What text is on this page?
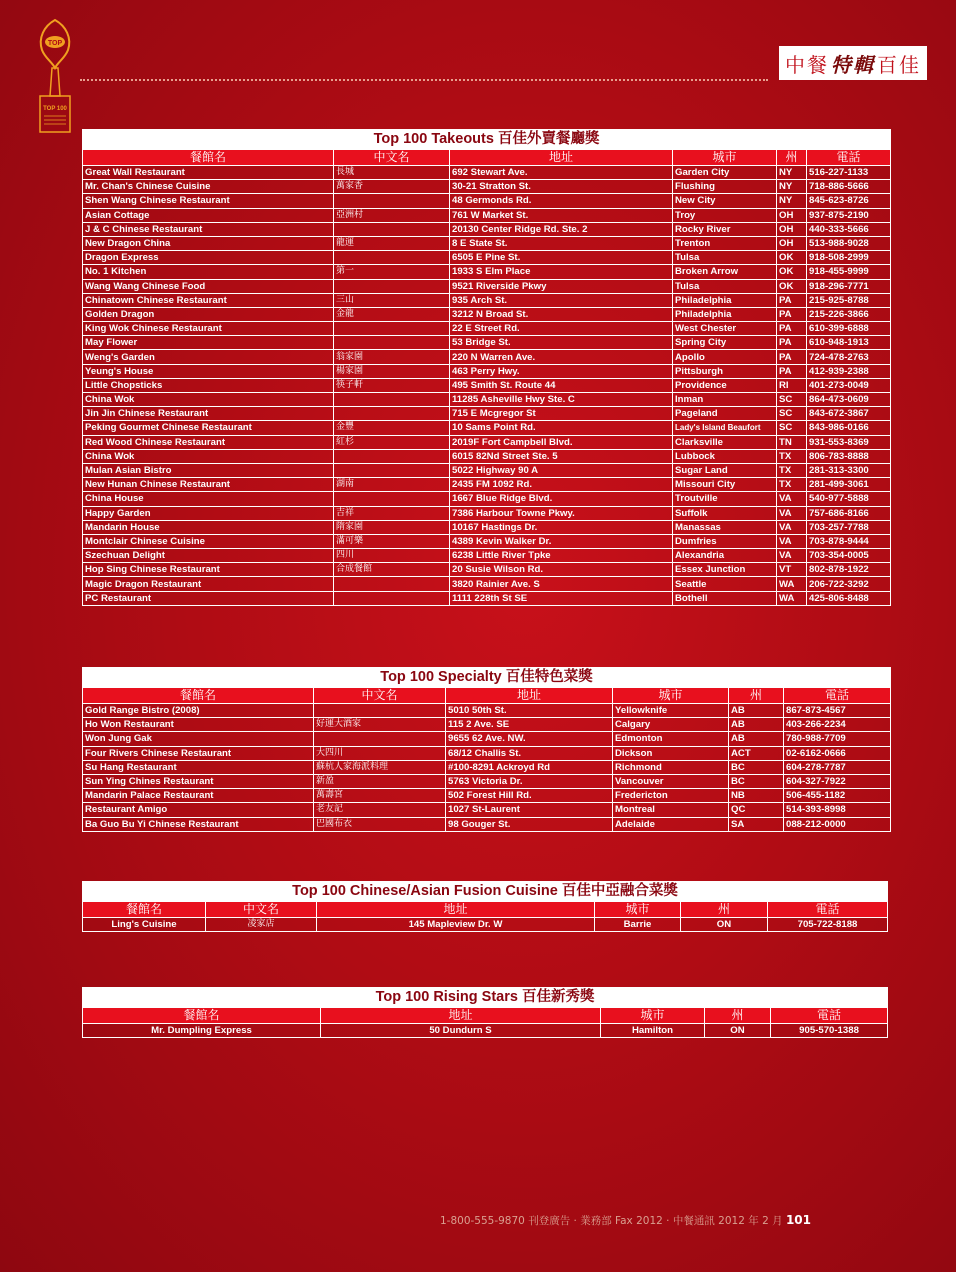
TOP
TOP 100
中餐 特輯 百佳
Top 100 Takeouts 百佳外賣餐廳獎					
餐館名	中文名	地址	城市	州	電話
Great Wall Restaurant	長城	692 Stewart Ave.	Garden City	NY	516-227-1133
Mr. Chan's Chinese Cuisine	萬家香	30-21 Stratton St.	Flushing	NY	718-886-5666
Shen Wang Chinese Restaurant		48 Germonds Rd.	New City	NY	845-623-8726
Asian Cottage	亞洲村	761 W Market St.	Troy	OH	937-875-2190
J & C Chinese Restaurant		20130 Center Ridge Rd. Ste. 2	Rocky River	OH	440-333-5666
New Dragon China	龍運	8 E State St.	Trenton	OH	513-988-9028
Dragon Express		6505 E Pine St.	Tulsa	OK	918-508-2999
No. 1 Kitchen	第一	1933 S Elm Place	Broken Arrow	OK	918-455-9999
Wang Wang Chinese Food		9521 Riverside Pkwy	Tulsa	OK	918-296-7771
Chinatown Chinese Restaurant	三山	935 Arch St.	Philadelphia	PA	215-925-8788
Golden Dragon	金龍	3212 N Broad St.	Philadelphia	PA	215-226-3866
King Wok Chinese Restaurant		22 E Street Rd.	West Chester	PA	610-399-6888
May Flower		53 Bridge St.	Spring City	PA	610-948-1913
Weng's Garden	翁家園	220 N Warren Ave.	Apollo	PA	724-478-2763
Yeung's House	楊家園	463 Perry Hwy.	Pittsburgh	PA	412-939-2388
Little Chopsticks	筷子軒	495 Smith St. Route 44	Providence	RI	401-273-0049
China Wok		11285 Asheville Hwy Ste. C	Inman	SC	864-473-0609
Jin Jin Chinese Restaurant		715 E Mcgregor St	Pageland	SC	843-672-3867
Peking Gourmet Chinese Restaurant	金豐	10 Sams Point Rd.	Lady's Island Beaufort	SC	843-986-0166
Red Wood Chinese Restaurant	紅杉	2019F Fort Campbell Blvd.	Clarksville	TN	931-553-8369
China Wok		6015 82Nd Street Ste. 5	Lubbock	TX	806-783-8888
Mulan Asian Bistro		5022 Highway 90 A	Sugar Land	TX	281-313-3300
New Hunan Chinese Restaurant	湖南	2435 FM 1092 Rd.	Missouri City	TX	281-499-3061
China House		1667 Blue Ridge Blvd.	Troutville	VA	540-977-5888
Happy Garden	吉祥	7386 Harbour Towne Pkwy.	Suffolk	VA	757-686-8166
Mandarin House	隋家園	10167 Hastings Dr.	Manassas	VA	703-257-7788
Montclair Chinese Cuisine	滿可樂	4389 Kevin Walker Dr.	Dumfries	VA	703-878-9444
Szechuan Delight	四川	6238 Little River Tpke	Alexandria	VA	703-354-0005
Hop Sing Chinese Restaurant	合成餐館	20 Susie Wilson Rd.	Essex Junction	VT	802-878-1922
Magic Dragon Restaurant		3820 Rainier Ave. S	Seattle	WA	206-722-3292
PC Restaurant		1111 228th St SE	Bothell	WA	425-806-8488
Top 100 Specialty 百佳特色菜獎					
餐館名	中文名	地址	城市	州	電話
Gold Range Bistro (2008)		5010 50th St.	Yellowknife	AB	867-873-4567
Ho Won Restaurant	好運大酒家	115 2 Ave. SE	Calgary	AB	403-266-2234
Won Jung Gak		9655 62 Ave. NW.	Edmonton	AB	780-988-7709
Four Rivers Chinese Restaurant	大四川	68/12 Challis St.	Dickson	ACT	02-6162-0666
Su Hang Restaurant	蘇杭人家海派料理	#100-8291 Ackroyd Rd	Richmond	BC	604-278-7787
Sun Ying Chines Restaurant	新盈	5763 Victoria Dr.	Vancouver	BC	604-327-7922
Mandarin Palace Restaurant	萬壽宮	502 Forest Hill Rd.	Fredericton	NB	506-455-1182
Restaurant Amigo	老友記	1027 St-Laurent	Montreal	QC	514-393-8998
Ba Guo Bu Yi Chinese Restaurant	巴國布衣	98 Gouger St.	Adelaide	SA	088-212-0000
Top 100 Chinese/Asian Fusion Cuisine 百佳中亞融合菜獎					
餐館名	中文名	地址	城市	州	電話
Ling's Cuisine	凌家店	145 Mapleview Dr. W	Barrie	ON	705-722-8188
Top 100 Rising Stars 百佳新秀獎				
餐館名	地址	城市	州	電話
Mr. Dumpling Express	50 Dundurn S	Hamilton	ON	905-570-1388
1-800-555-9870 刊登廣告 · 業務部 Fax 2012 · 中餐通訊 2012 年 2 月 101
